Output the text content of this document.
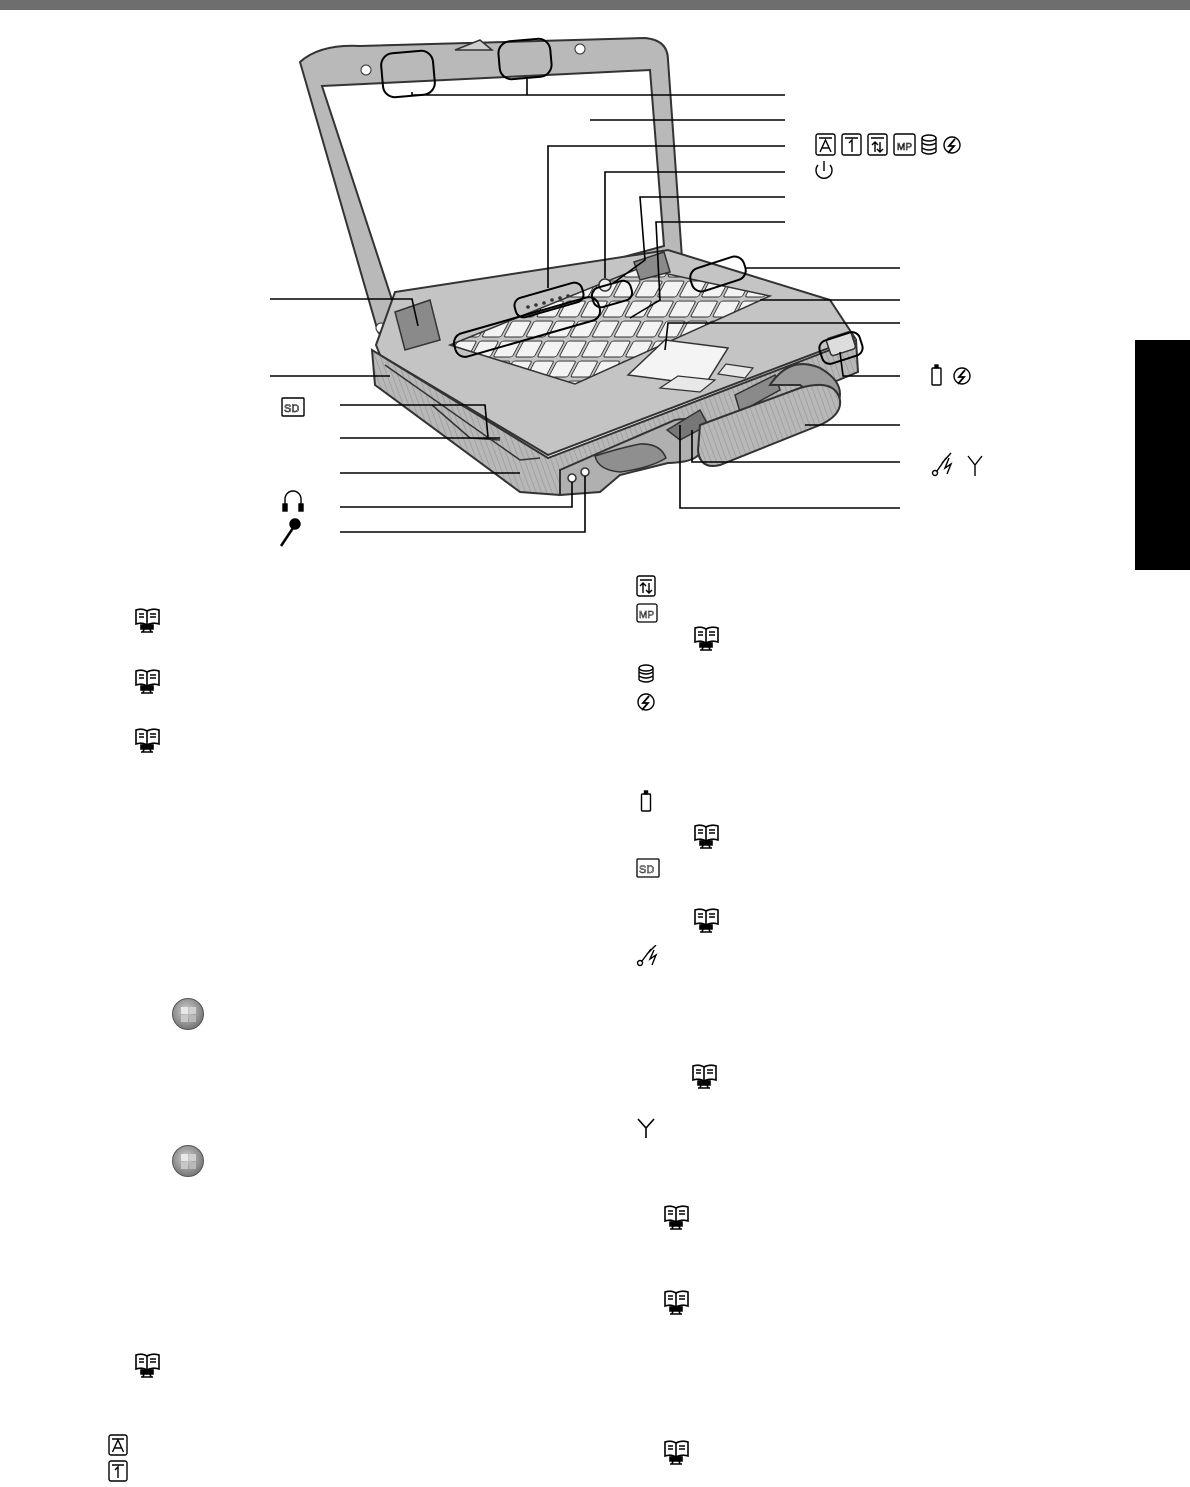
MP
SD
MP
SD
